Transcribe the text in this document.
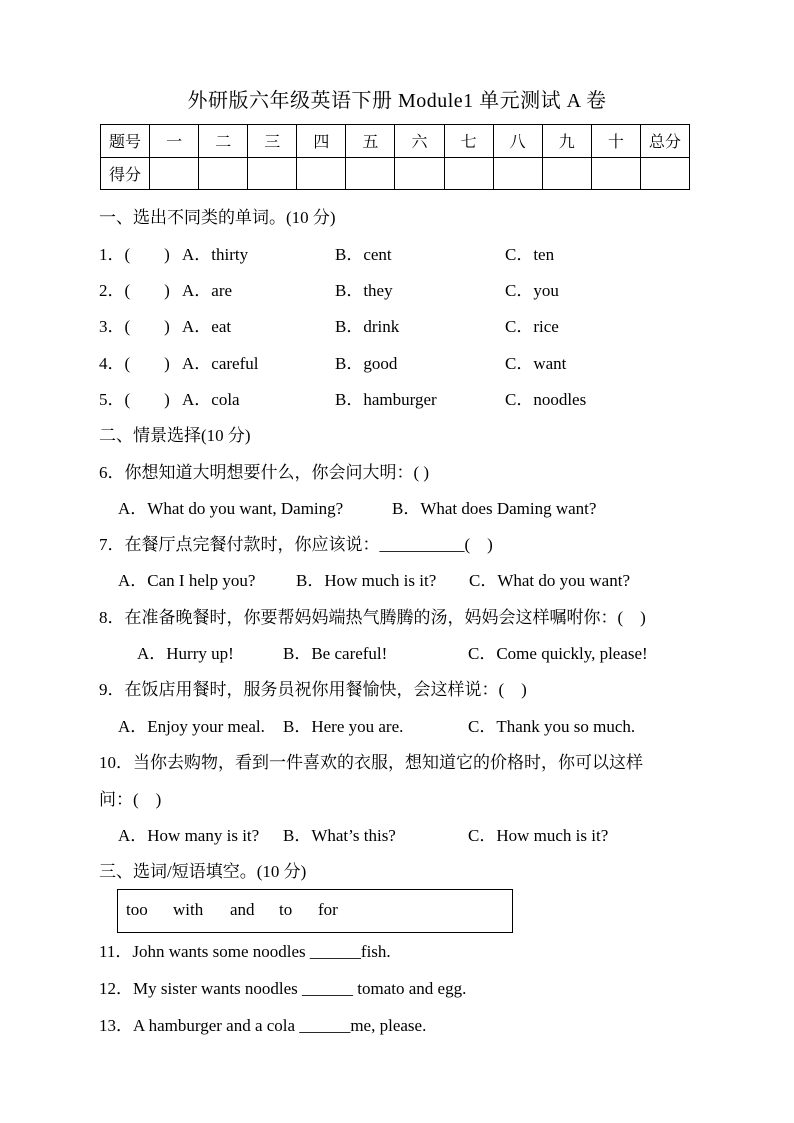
外研版六年级英语下册 Module1 单元测试 A 卷
题号	一	二	三	四	五	六	七	八	九	十	总分
得分											
一、选出不同类的单词。(10 分)
1．(　　) A．thirty	B．cent	C．ten
2．(　　) A．are	B．they	C．you
3．(　　) A．eat	B．drink	C．rice
4．(　　) A．careful	B．good	C．want
5．(　　) A．cola	B．hamburger	C．noodles
二、情景选择(10 分)
6．你想知道大明想要什么，你会问大明：( )
A．What do you want, Daming?	B．What does Daming want?
7．在餐厅点完餐付款时，你应该说：__________(　)
A．Can I help you? B．How much is it? C．What do you want?
8．在准备晚餐时，你要帮妈妈端热气腾腾的汤，妈妈会这样嘱咐你：(　)
A．Hurry up!	B．Be careful!	C．Come quickly, please!
9．在饭店用餐时，服务员祝你用餐愉快，会这样说：(　)
A．Enjoy your meal. B．Here you are.	C．Thank you so much.
10．当你去购物，看到一件喜欢的衣服，想知道它的价格时，你可以这样
问：(　)
A．How many is it? B．What’s this?	C．How much is it?
三、选词/短语填空。(10 分)
too with and to for
11．John wants some noodles ______fish.
12．My sister wants noodles ______ tomato and egg.
13．A hamburger and a cola ______me, please.
